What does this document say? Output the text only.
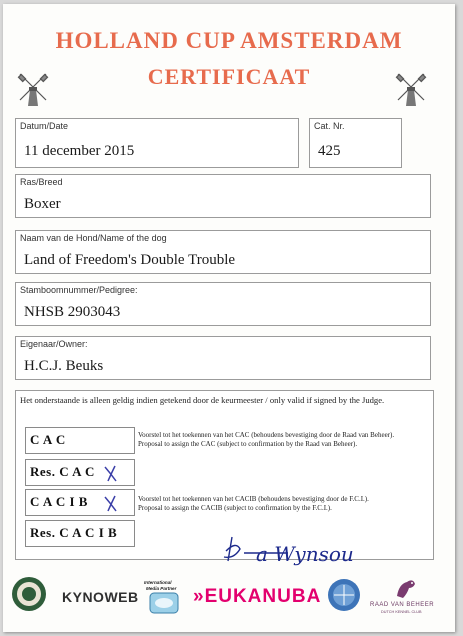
HOLLAND CUP AMSTERDAM
CERTIFICAAT
Datum/Date
11 december 2015
Cat. Nr.
425
Ras/Breed
Boxer
Naam van de Hond/Name of the dog
Land of Freedom's Double Trouble
Stamboomnummer/Pedigree:
NHSB 2903043
Eigenaar/Owner:
H.C.J. Beuks
Het onderstaande is alleen geldig indien getekend door de keurmeester / only valid if signed by the Judge.
C A C	Voorstel tot het toekennen van het CAC (behoudens bevestiging door de Raad van Beheer).
Proposal to assign the CAC (subject to confirmation by the Raad van Beheer).
Res. C A C
C A C I B	Voorstel tot het toekennen van het CACIB (behoudens bevestiging door de F.C.I.).
Proposal to assign the CACIB (subject to confirmation by the F.C.I.).
Res. C A C I B
a Wynsou
KYNOWEB
International
Media Partner »EUKANUBA	RAAD VAN BEHEER
DUTCH KENNEL CLUB
